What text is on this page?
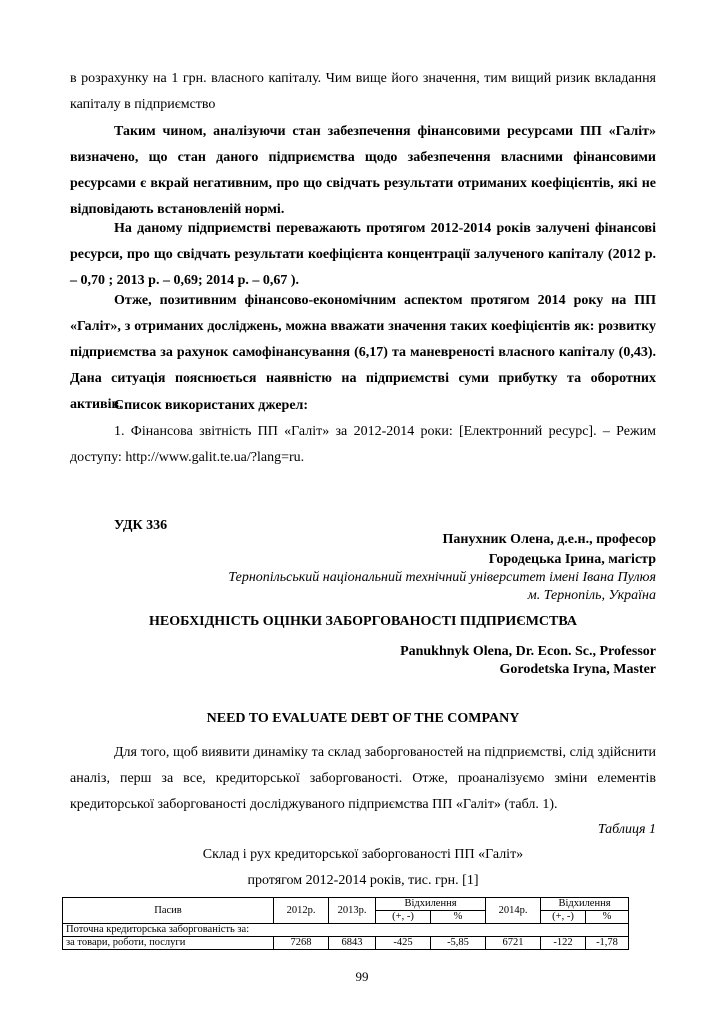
в розрахунку на 1 грн. власного капіталу. Чим вище його значення, тим вищий ризик вкладання капіталу в підприємство
Таким чином, аналізуючи стан забезпечення фінансовими ресурсами ПП «Галіт» визначено, що стан даного підприємства щодо забезпечення власними фінансовими ресурсами є вкрай негативним, про що свідчать результати отриманих коефіцієнтів, які не відповідають встановленій нормі.
На даному підприємстві переважають протягом 2012-2014 років залучені фінансові ресурси, про що свідчать результати коефіцієнта концентрації залученого капіталу (2012 р. – 0,70 ; 2013 р. – 0,69; 2014 р. – 0,67 ).
Отже, позитивним фінансово-економічним аспектом протягом 2014 року на ПП «Галіт», з отриманих досліджень, можна вважати значення таких коефіцієнтів як: розвитку підприємства за рахунок самофінансування (6,17) та маневреності власного капіталу (0,43). Дана ситуація пояснюється наявністю на підприємстві суми прибутку та оборотних активів.
Список використаних джерел:
1. Фінансова звітність ПП «Галіт» за 2012-2014 роки: [Електронний ресурс]. – Режим доступу: http://www.galit.te.ua/?lang=ru.
УДК 336
Панухник Олена, д.е.н., професор
Городецька Ірина, магістр
Тернопільський національний технічний університет імені Івана Пулюя
м. Тернопіль, Україна
НЕОБХІДНІСТЬ ОЦІНКИ ЗАБОРГОВАНОСТІ ПІДПРИЄМСТВА
Panukhnyk Olena, Dr. Econ. Sc., Professor
Gorodetska Iryna, Master
NEED TO EVALUATE DEBT OF THE COMPANY
Для того, щоб виявити динаміку та склад заборгованостей на підприємстві, слід здійснити аналіз, перш за все, кредиторської заборгованості. Отже, проаналізуємо зміни елементів кредиторської заборгованості досліджуваного підприємства ПП «Галіт» (табл. 1).
Таблиця 1
Склад і рух кредиторської заборгованості ПП «Галіт»
протягом 2012-2014 років, тис. грн. [1]
Пасив	2012р.	2013р.	Відхилення		2014р.	Відхилення	
			(+, -)	%		(+, -)	%
Поточна кредиторська заборгованість за:							
за товари, роботи, послуги	7268	6843	-425	-5,85	6721	-122	-1,78
99
